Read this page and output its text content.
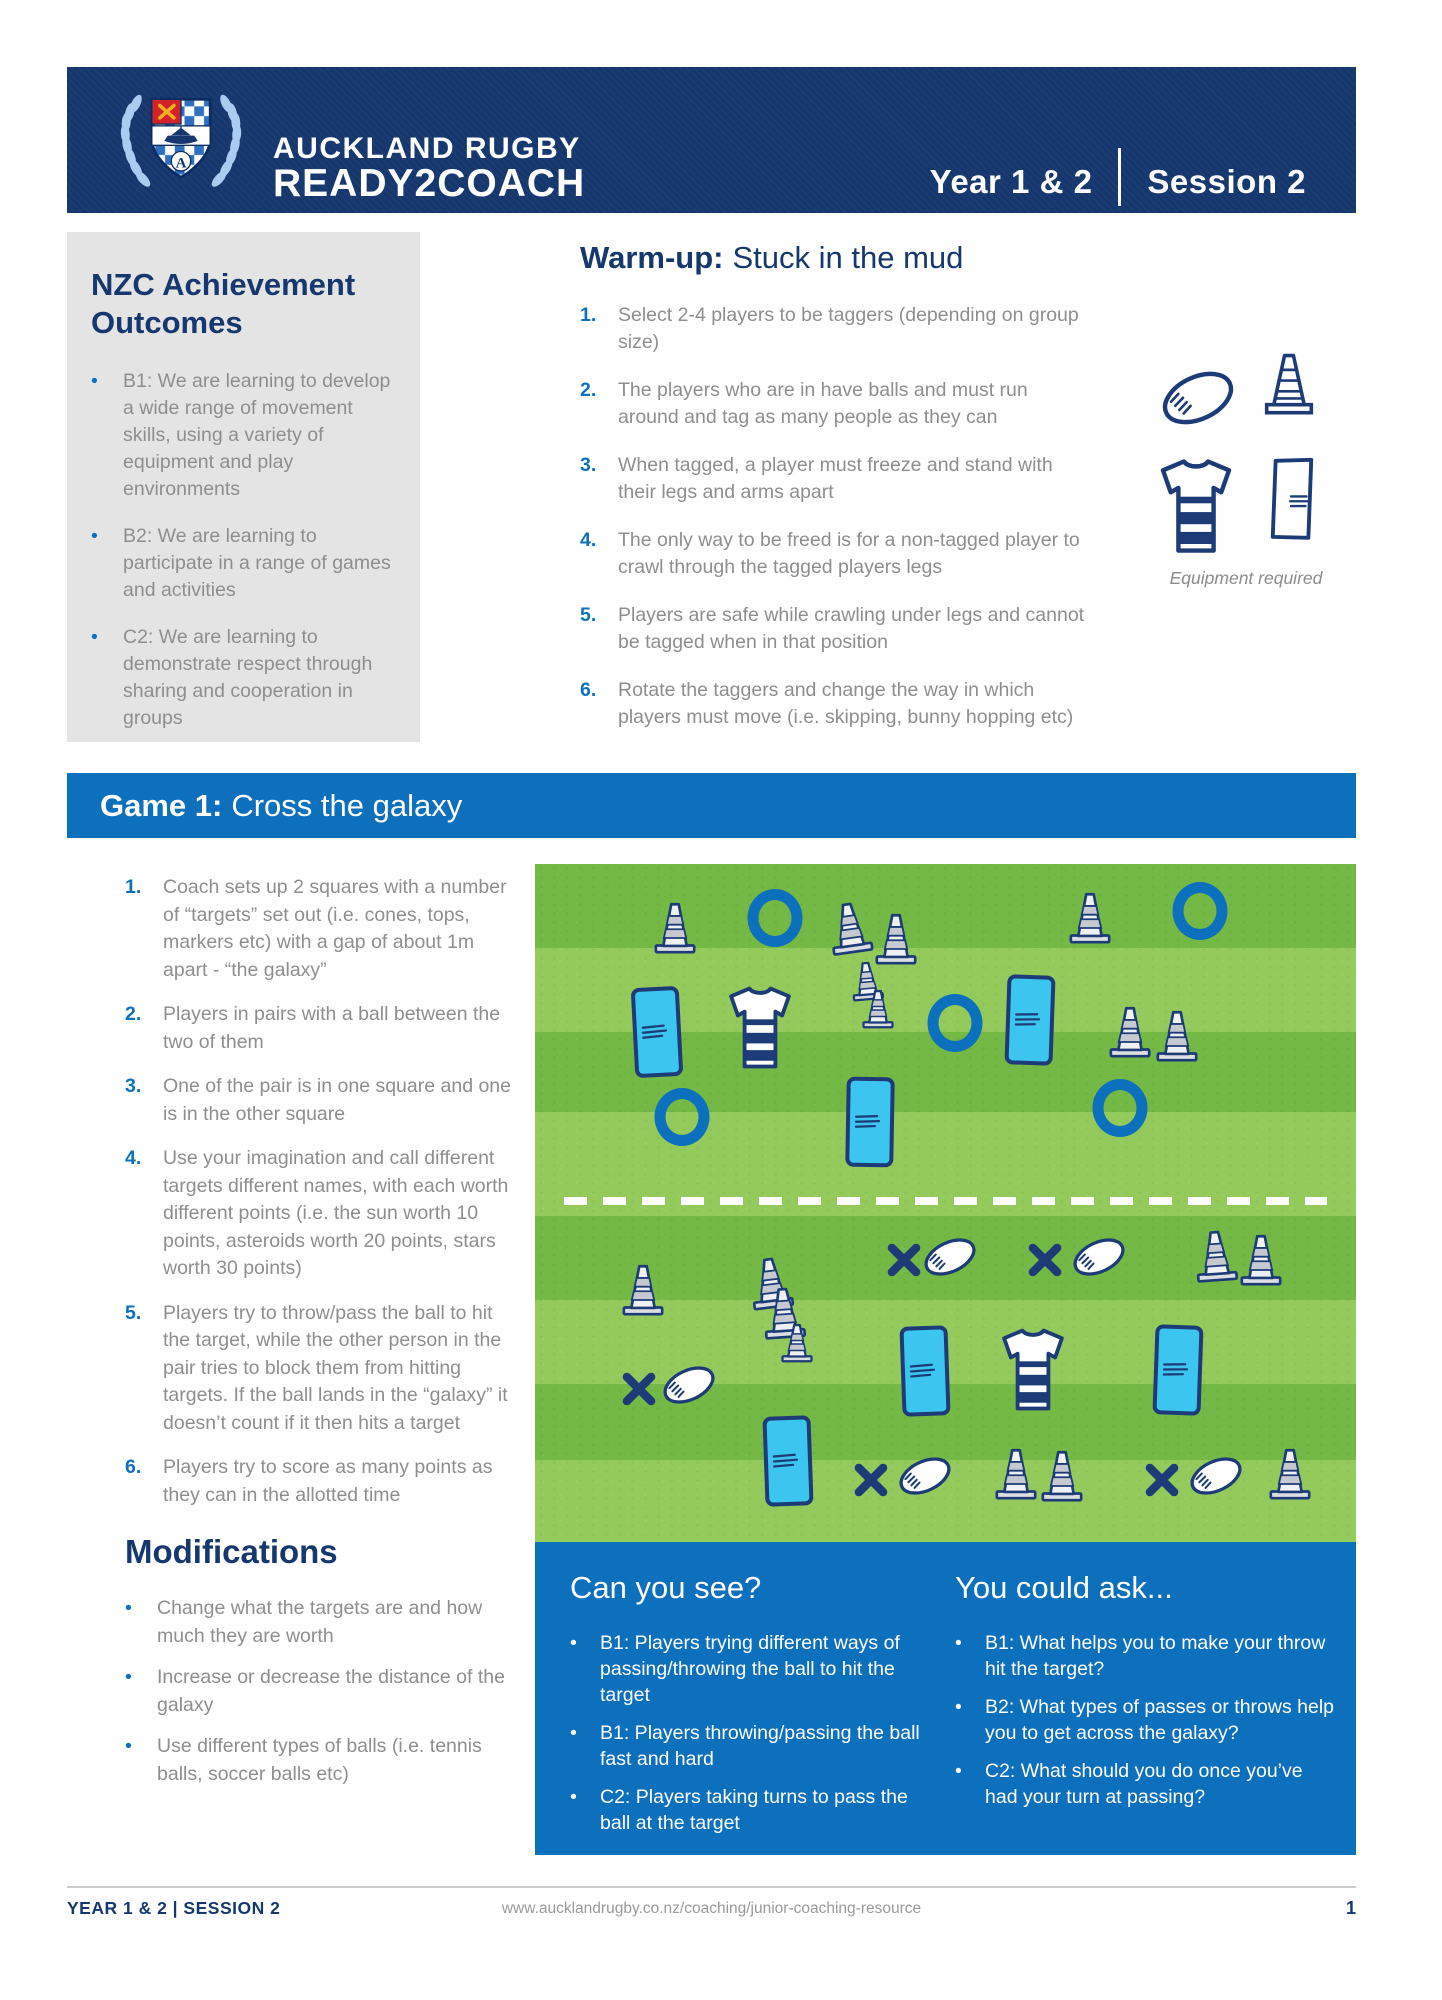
A	AUCKLAND RUGBY
READY2COACH	Year 1 & 2 Session 2
NZC Achievement Outcomes
•	B1: We are learning to develop a wide range of movement skills, using a variety of equipment and play environments
•	B2: We are learning to participate in a range of games and activities
•	C2: We are learning to demonstrate respect through sharing and cooperation in groups
Warm-up: Stuck in the mud
1.	Select 2-4 players to be taggers (depending on group size)
2.	The players who are in have balls and must run around and tag as many people as they can
3.	When tagged, a player must freeze and stand with their legs and arms apart
4.	The only way to be freed is for a non-tagged player to crawl through the tagged players legs
5.	Players are safe while crawling under legs and cannot be tagged when in that position
6.	Rotate the taggers and change the way in which players must move (i.e. skipping, bunny hopping etc)
Equipment required
Game 1: Cross the galaxy
1.	Coach sets up 2 squares with a number of “targets” set out (i.e. cones, tops, markers etc) with a gap of about 1m apart - “the galaxy”
2.	Players in pairs with a ball between the two of them
3.	One of the pair is in one square and one is in the other square
4.	Use your imagination and call different targets different names, with each worth different points (i.e. the sun worth 10 points, asteroids worth 20 points, stars worth 30 points)
5.	Players try to throw/pass the ball to hit the target, while the other person in the pair tries to block them from hitting targets. If the ball lands in the “galaxy” it doesn’t count if it then hits a target
6.	Players try to score as many points as they can in the allotted time
Modifications
•	Change what the targets are and how much they are worth
•	Increase or decrease the distance of the galaxy
•	Use different types of balls (i.e. tennis balls, soccer balls etc)
Can you see?
•	B1: Players trying different ways of passing/throwing the ball to hit the target
•	B1: Players throwing/passing the ball fast and hard
•	C2: Players taking turns to pass the ball at the target
You could ask...
•	B1: What helps you to make your throw hit the target?
•	B2: What types of passes or throws help you to get across the galaxy?
•	C2: What should you do once you’ve had your turn at passing?
YEAR 1 & 2 | SESSION 2	www.aucklandrugby.co.nz/coaching/junior-coaching-resource	1
